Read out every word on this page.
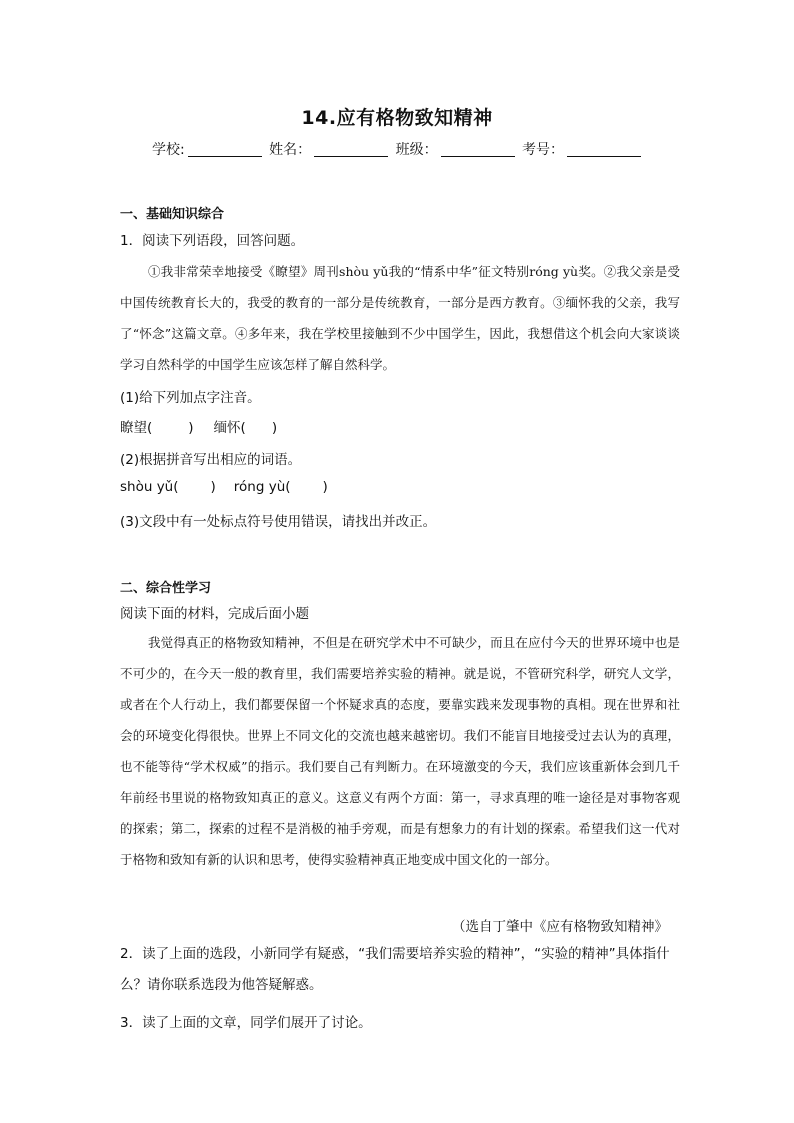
14.应有格物致知精神
学校:	姓名：	班级：	考号：
一、基础知识综合
1．阅读下列语段，回答问题。

①我非常荣幸地接受《瞭望》周刊shòu yǔ我的“情系中华”征文特别róng yù奖。②我父亲是受中国传统教育长大的，我受的教育的一部分是传统教育，一部分是西方教育。③缅怀我的父亲，我写了“怀念”这篇文章。④多年来，我在学校里接触到不少中国学生，因此，我想借这个机会向大家谈谈学习自然科学的中国学生应该怎样了解自然科学。

(1)给下列加点字注音。
瞭望(	) 缅怀( )
(2)根据拼音写出相应的词语。
shòu yǔ( ) róng yù( )
(3)文段中有一处标点符号使用错误，请找出并改正。
二、综合性学习
阅读下面的材料，完成后面小题

我觉得真正的格物致知精神，不但是在研究学术中不可缺少，而且在应付今天的世界环境中也是不可少的，在今天一般的教育里，我们需要培养实验的精神。就是说，不管研究科学，研究人文学，或者在个人行动上，我们都要保留一个怀疑求真的态度，要靠实践来发现事物的真相。现在世界和社会的环境变化得很快。世界上不同文化的交流也越来越密切。我们不能盲目地接受过去认为的真理，也不能等待“学术权威”的指示。我们要自己有判断力。在环境激变的今天，我们应该重新体会到几千年前经书里说的格物致知真正的意义。这意义有两个方面：第一，寻求真理的唯一途径是对事物客观的探索；第二，探索的过程不是消极的袖手旁观，而是有想象力的有计划的探索。希望我们这一代对于格物和致知有新的认识和思考，使得实验精神真正地变成中国文化的一部分。

（选自丁肇中《应有格物致知精神》
2．读了上面的选段，小新同学有疑惑，“我们需要培养实验的精神”，“实验的精神”具体指什么？请你联系选段为他答疑解惑。
3．读了上面的文章，同学们展开了讨论。
